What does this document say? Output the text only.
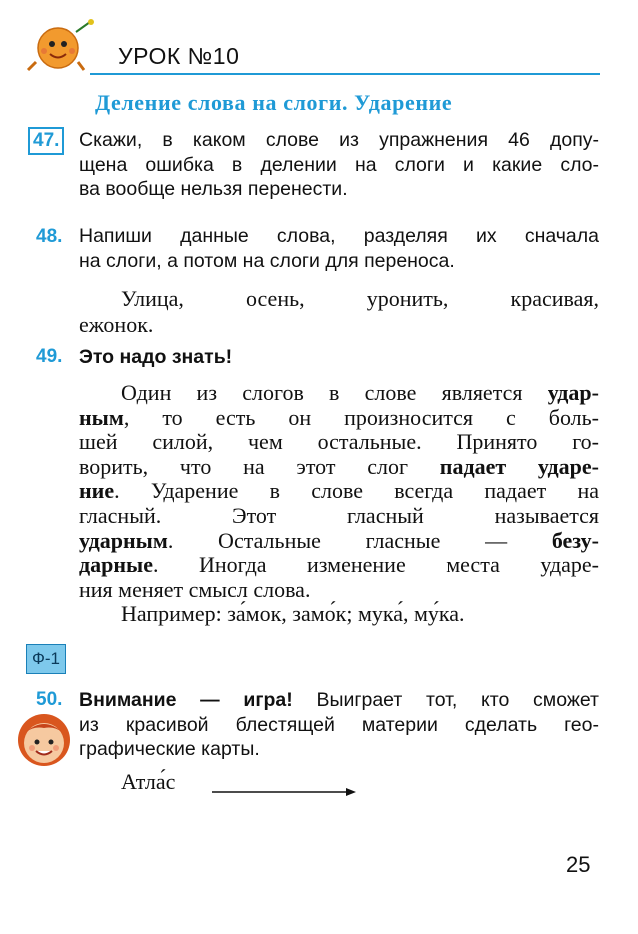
УРОК №10
Деление слова на слоги. Ударение
47. Скажи, в каком слове из упражнения 46 допу-
щена ошибка в делении на слоги и какие сло-
ва вообще нельзя перенести.
48. Напиши данные слова, разделяя их сначала
на слоги, а потом на слоги для переноса.
Улица, осень, уронить, красивая,
ежонок.
49. Это надо знать!
Один из слогов в слове является удар-
ным, то есть он произносится с боль-
шей силой, чем остальные. Принято го-
ворить, что на этот слог падает ударе-
ние. Ударение в слове всегда падает на
гласный. Этот гласный называется
ударным. Остальные гласные — безу-
дарные. Иногда изменение места ударе-
ния меняет смысл слова.
Например: за́мок, замо́к; мука́, му́ка.
Ф-1
50. Внимание — игра! Выиграет тот, кто сможет
из красивой блестящей материи сделать гео-
графические карты.
Атла́с
25
